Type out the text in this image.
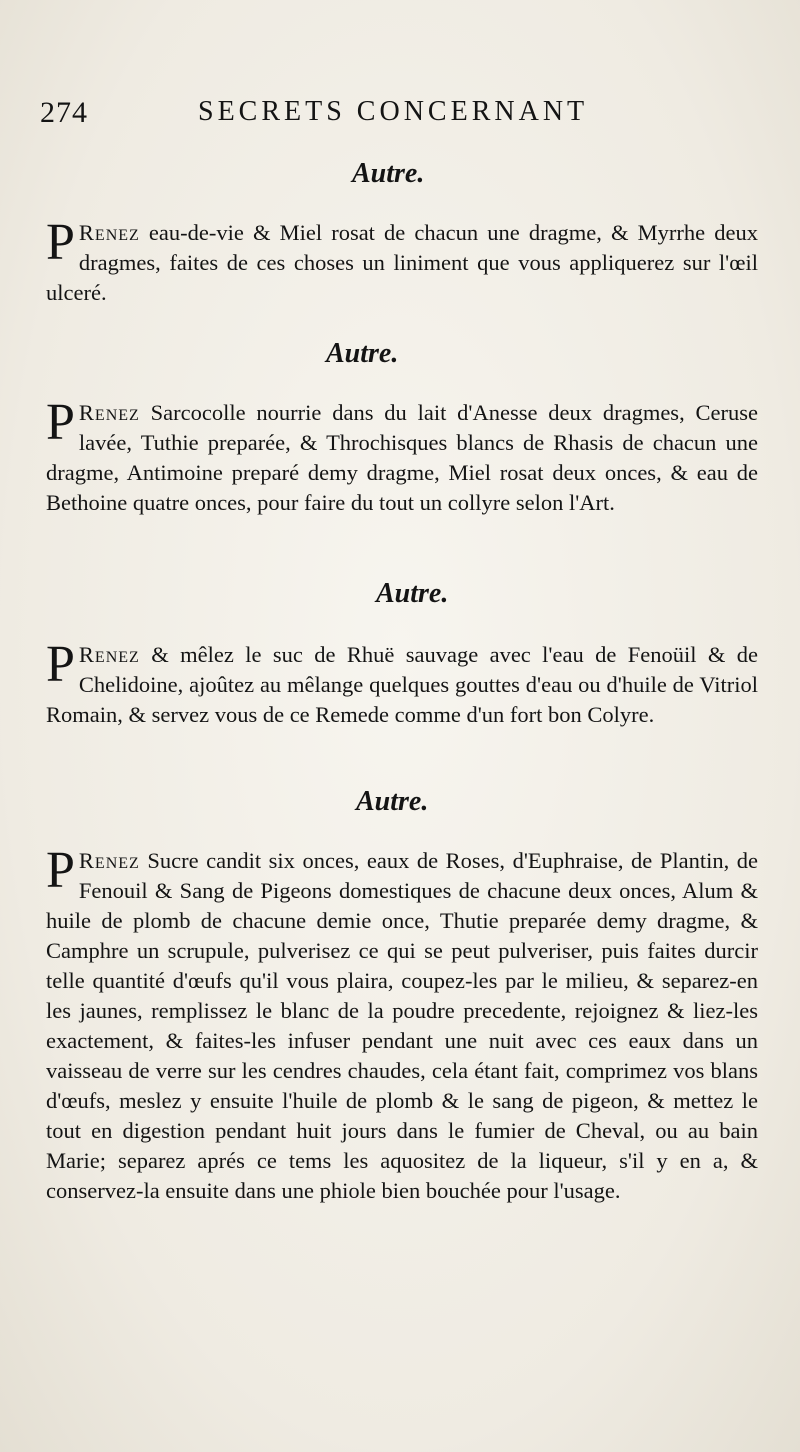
274	SECRETS CONCERNANT
Autre.
P Renez eau-de-vie & Miel rosat de chacun une dragme, & Myrrhe deux dragmes, faites de ces choses un liniment que vous appliquerez sur l'œil ulceré.
Autre.
P Renez Sarcocolle nourrie dans du lait d'Anesse deux dragmes, Ceruse lavée, Tuthie preparée, & Throchisques blancs de Rhasis de chacun une dragme, Antimoine preparé demy dragme, Miel rosat deux onces, & eau de Bethoine quatre onces, pour faire du tout un collyre selon l'Art.
Autre.
P Renez & mêlez le suc de Rhuë sauvage avec l'eau de Fenoüil & de Chelidoine, ajoûtez au mêlange quelques gouttes d'eau ou d'huile de Vitriol Romain, & servez vous de ce Remede comme d'un fort bon Colyre.
Autre.
P Renez Sucre candit six onces, eaux de Roses, d'Euphraise, de Plantin, de Fenouil & Sang de Pigeons domestiques de chacune deux onces, Alum & huile de plomb de chacune demie once, Thutie preparée demy dragme, & Camphre un scrupule, pulverisez ce qui se peut pulveriser, puis faites durcir telle quantité d'œufs qu'il vous plaira, coupez-les par le milieu, & separez-en les jaunes, remplissez le blanc de la poudre precedente, rejoignez & liez-les exactement, & faites-les infuser pendant une nuit avec ces eaux dans un vaisseau de verre sur les cendres chaudes, cela étant fait, comprimez vos blans d'œufs, meslez y ensuite l'huile de plomb & le sang de pigeon, & mettez le tout en digestion pendant huit jours dans le fumier de Cheval, ou au bain Marie; separez aprés ce tems les aquositez de la liqueur, s'il y en a, & conservez-la ensuite dans une phiole bien bouchée pour l'usage.
